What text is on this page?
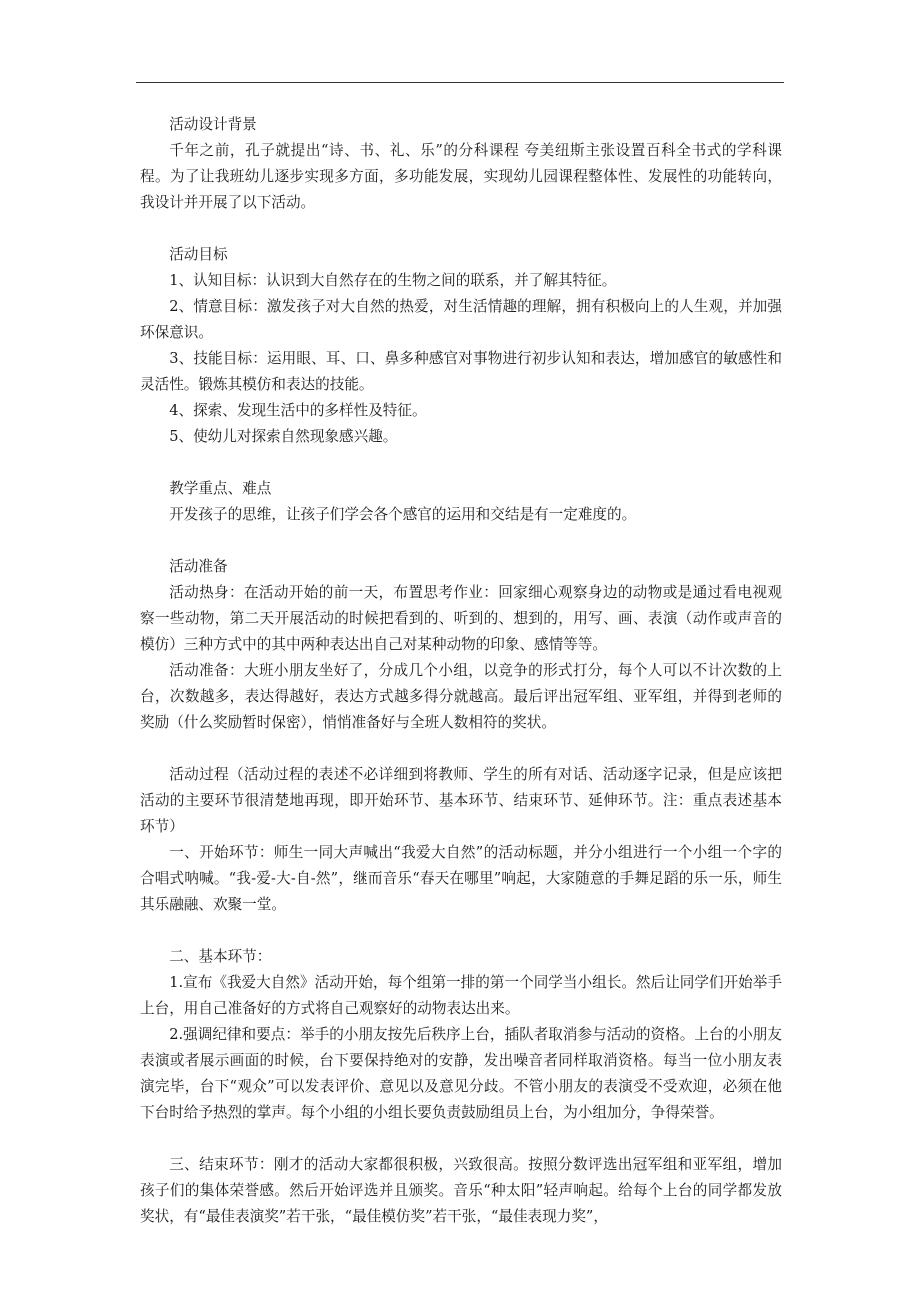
活动设计背景

千年之前，孔子就提出“诗、书、礼、乐”的分科课程 夸美纽斯主张设置百科全书式的学科课程。为了让我班幼儿逐步实现多方面，多功能发展，实现幼儿园课程整体性、发展性的功能转向，我设计并开展了以下活动。

活动目标

1、认知目标：认识到大自然存在的生物之间的联系，并了解其特征。

2、情意目标：激发孩子对大自然的热爱，对生活情趣的理解，拥有积极向上的人生观，并加强环保意识。

3、技能目标：运用眼、耳、口、鼻多种感官对事物进行初步认知和表达，增加感官的敏感性和灵活性。锻炼其模仿和表达的技能。

4、探索、发现生活中的多样性及特征。

5、使幼儿对探索自然现象感兴趣。

教学重点、难点

开发孩子的思维，让孩子们学会各个感官的运用和交结是有一定难度的。

活动准备

活动热身：在活动开始的前一天，布置思考作业：回家细心观察身边的动物或是通过看电视观察一些动物，第二天开展活动的时候把看到的、听到的、想到的，用写、画、表演（动作或声音的模仿）三种方式中的其中两种表达出自己对某种动物的印象、感情等等。

活动准备：大班小朋友坐好了，分成几个小组，以竞争的形式打分，每个人可以不计次数的上台，次数越多，表达得越好，表达方式越多得分就越高。最后评出冠军组、亚军组，并得到老师的奖励（什么奖励暂时保密），悄悄准备好与全班人数相符的奖状。

活动过程（活动过程的表述不必详细到将教师、学生的所有对话、活动逐字记录，但是应该把活动的主要环节很清楚地再现，即开始环节、基本环节、结束环节、延伸环节。注：重点表述基本环节）

一、开始环节：师生一同大声喊出“我爱大自然”的活动标题，并分小组进行一个小组一个字的合唱式呐喊。“我-爱-大-自-然”，继而音乐“春天在哪里”响起，大家随意的手舞足蹈的乐一乐，师生其乐融融、欢聚一堂。

二、基本环节：

1.宣布《我爱大自然》活动开始，每个组第一排的第一个同学当小组长。然后让同学们开始举手上台，用自己准备好的方式将自己观察好的动物表达出来。

2.强调纪律和要点：举手的小朋友按先后秩序上台，插队者取消参与活动的资格。上台的小朋友表演或者展示画面的时候，台下要保持绝对的安静，发出噪音者同样取消资格。每当一位小朋友表演完毕，台下“观众”可以发表评价、意见以及意见分歧。不管小朋友的表演受不受欢迎，必须在他下台时给予热烈的掌声。每个小组的小组长要负责鼓励组员上台，为小组加分，争得荣誉。

三、结束环节：刚才的活动大家都很积极，兴致很高。按照分数评选出冠军组和亚军组，增加孩子们的集体荣誉感。然后开始评选并且颁奖。音乐“种太阳”轻声响起。给每个上台的同学都发放奖状，有“最佳表演奖”若干张，“最佳模仿奖”若干张，“最佳表现力奖”，
